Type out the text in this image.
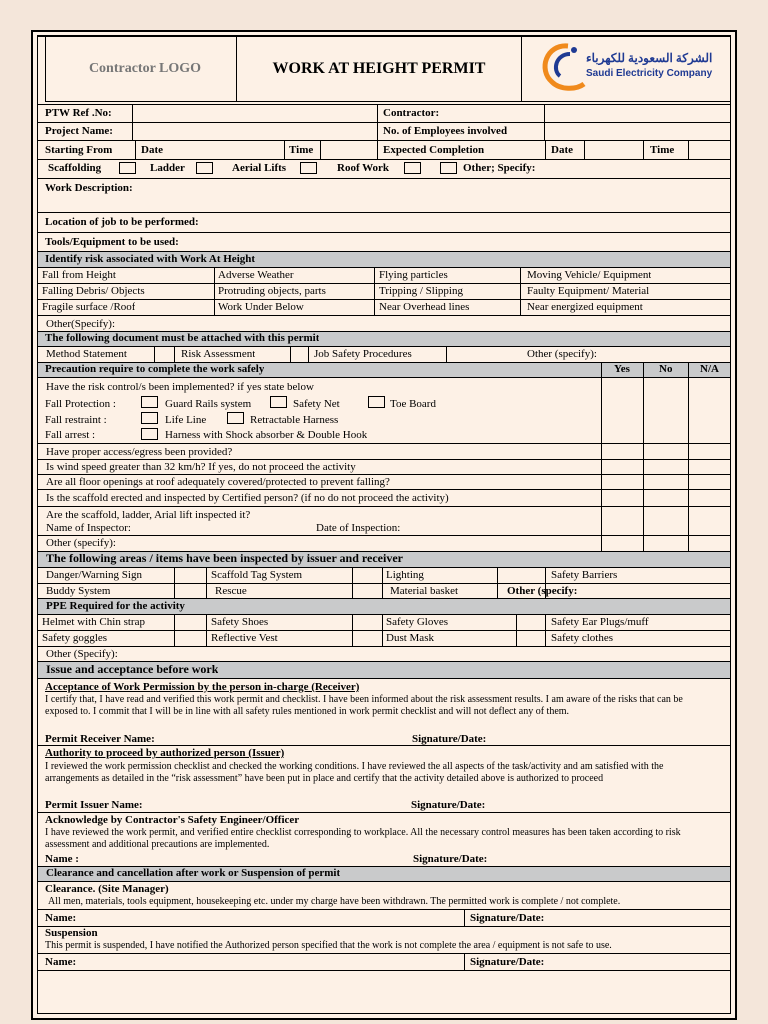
Contractor LOGO	WORK AT HEIGHT PERMIT
الشركة السعودية للكهرباء
Saudi Electricity Company
PTW Ref .No:	Contractor:
Project Name:	No. of Employees involved
Starting From	Date	Time	Expected Completion	Date	Time
Scaffolding	Ladder	Aerial Lifts	Roof Work	Other; Specify:
Work Description:
Location of job to be performed:
Tools/Equipment to be used:
Identify risk associated with Work At Height
Fall from Height	Adverse Weather	Flying particles	Moving Vehicle/ Equipment
Falling Debris/ Objects	Protruding objects, parts	Tripping / Slipping	Faulty Equipment/ Material
Fragile surface /Roof	Work Under Below	Near Overhead lines	Near energized equipment
Other(Specify):
The following document must be attached with this permit
Method Statement	Risk Assessment	Job Safety Procedures	Other (specify):
Precaution require to complete the work safely	Yes	No	N/A
Have the risk control/s been implemented? if yes state below
Fall Protection :	Guard Rails system	Safety Net	Toe Board
Fall restraint :	Life Line	Retractable Harness
Fall arrest :	Harness with Shock absorber & Double Hook
Have proper access/egress been provided?
Is wind speed greater than 32 km/h? If yes, do not proceed the activity
Are all floor openings at roof adequately covered/protected to prevent falling?
Is the scaffold erected and inspected by Certified person? (if no do not proceed the activity)
Are the scaffold, ladder, Arial lift inspected it?
Name of Inspector:	Date of Inspection:
Other (specify):
The following areas / items have been inspected by issuer and receiver
Danger/Warning Sign	Scaffold Tag System	Lighting	Safety Barriers
Buddy System	Rescue	Material basket	Other (specify:
PPE Required for the activity
Helmet with Chin strap	Safety Shoes	Safety Gloves	Safety Ear Plugs/muff
Safety goggles	Reflective Vest	Dust Mask	Safety clothes
Other (Specify):
Issue and acceptance before work
Acceptance of Work Permission by the person in-charge (Receiver)
I certify that, I have read and verified this work permit and checklist. I have been informed about the risk assessment results. I am aware of the risks that can be exposed to. I commit that I will be in line with all safety rules mentioned in work permit checklist and will not deflect any of them.
Permit Receiver Name:	Signature/Date:
Authority to proceed by authorized person (Issuer)
I reviewed the work permission checklist and checked the working conditions. I have reviewed the all aspects of the task/activity and am satisfied with the arrangements as detailed in the “risk assessment” have been put in place and certify that the activity detailed above is authorized to proceed
Permit Issuer Name:	Signature/Date:
Acknowledge by Contractor's Safety Engineer/Officer
I have reviewed the work permit, and verified entire checklist corresponding to workplace. All the necessary control measures has been taken according to risk assessment and additional precautions are implemented.
Name :	Signature/Date:
Clearance and cancellation after work or Suspension of permit
Clearance. (Site Manager)
All men, materials, tools equipment, housekeeping etc. under my charge have been withdrawn. The permitted work is complete / not complete.
Name:	Signature/Date:
Suspension
This permit is suspended, I have notified the Authorized person specified that the work is not complete the area / equipment is not safe to use.
Name:	Signature/Date:
